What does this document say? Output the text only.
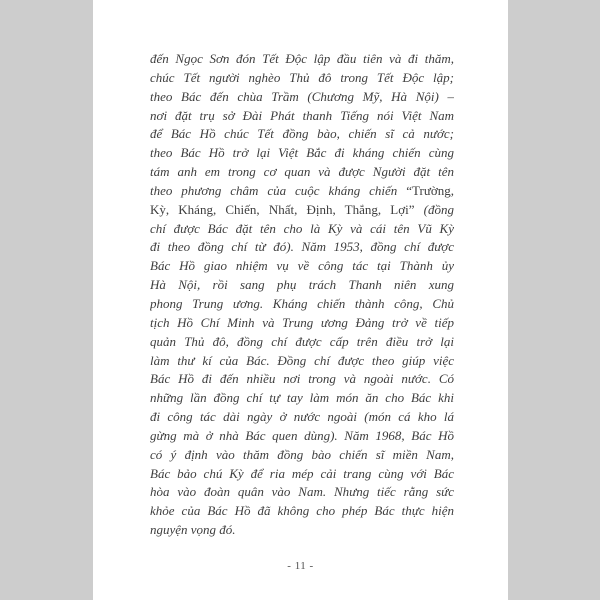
đến Ngọc Sơn đón Tết Độc lập đầu tiên và đi thăm,
chúc Tết người nghèo Thủ đô trong Tết Độc lập;
theo Bác đến chùa Trầm (Chương Mỹ, Hà Nội) –
nơi đặt trụ sở Đài Phát thanh Tiếng nói Việt Nam
để Bác Hồ chúc Tết đồng bào, chiến sĩ cả nước;
theo Bác Hồ trở lại Việt Bắc đi kháng chiến cùng
tám anh em trong cơ quan và được Người đặt tên
theo phương châm của cuộc kháng chiến “Trường,
Kỳ, Kháng, Chiến, Nhất, Định, Thắng, Lợi” (đồng
chí được Bác đặt tên cho là Kỳ và cái tên Vũ Kỳ
đi theo đồng chí từ đó). Năm 1953, đồng chí được
Bác Hồ giao nhiệm vụ về công tác tại Thành ủy
Hà Nội, rồi sang phụ trách Thanh niên xung
phong Trung ương. Kháng chiến thành công, Chủ
tịch Hồ Chí Minh và Trung ương Đảng trở về tiếp
quản Thủ đô, đồng chí được cấp trên điều trở lại
làm thư kí của Bác. Đồng chí được theo giúp việc
Bác Hồ đi đến nhiều nơi trong và ngoài nước. Có
những lần đồng chí tự tay làm món ăn cho Bác khi
đi công tác dài ngày ở nước ngoài (món cá kho lá
gừng mà ở nhà Bác quen dùng). Năm 1968, Bác Hồ
có ý định vào thăm đồng bào chiến sĩ miền Nam,
Bác bảo chú Kỳ để ria mép cải trang cùng với Bác
hòa vào đoàn quân vào Nam. Nhưng tiếc rằng sức
khỏe của Bác Hồ đã không cho phép Bác thực hiện
nguyện vọng đó.
- 11 -
